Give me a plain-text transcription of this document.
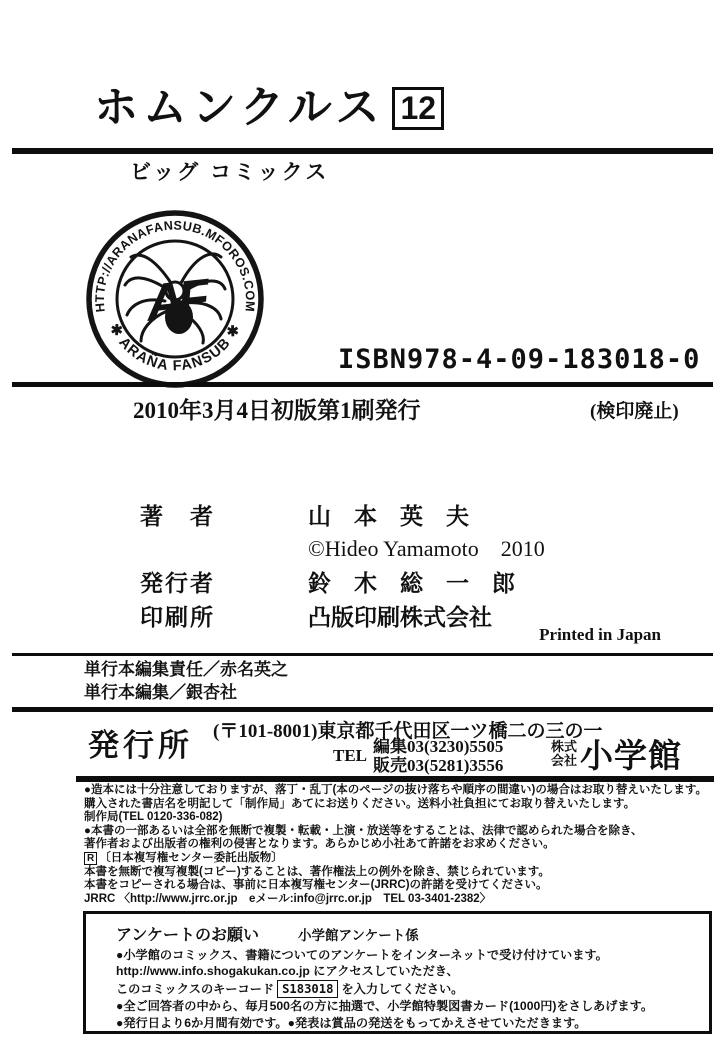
ホムンクルス 12
ビッグ コミックス
HTTP://ARANAFANSUB.MFOROS.COM
✱ ARAÑA FANSUB ✱
AF
ISBN978-4-09-183018-0
2010年3月4日初版第1刷発行	(検印廃止)
著　者	山　本　英　夫
©Hideo Yamamoto　2010
発行者	鈴　木　総　一　郎
印刷所	凸版印刷株式会社
Printed in Japan
単行本編集責任／赤名英之
単行本編集／銀杏社
発行所 (〒101-8001)東京都千代田区一ツ橋二の三の一
TEL 編集03(3230)5505
販売03(5281)3556
株式
会社 小学館
●造本には十分注意しておりますが、落丁・乱丁(本のページの抜け落ちや順序の間違い)の場合はお取り替えいたします。
購入された書店名を明記して「制作局」あてにお送りください。送料小社負担にてお取り替えいたします。
制作局(TEL 0120-336-082)
●本書の一部あるいは全部を無断で複製・転載・上演・放送等をすることは、法律で認められた場合を除き、
著作者および出版者の権利の侵害となります。あらかじめ小社あて許諾をお求めください。
R 〔日本複写権センター委託出版物〕
本書を無断で複写複製(コピー)することは、著作権法上の例外を除き、禁じられています。
本書をコピーされる場合は、事前に日本複写権センター(JRRC)の許諾を受けてください。
JRRC 〈http://www.jrrc.or.jp　eメール:info@jrrc.or.jp　TEL 03-3401-2382〉
アンケートのお願い	小学館アンケート係
●小学館のコミックス、書籍についてのアンケートをインターネットで受け付けています。
http://www.info.shogakukan.co.jp にアクセスしていただき、
このコミックスのキーコード S183018 を入力してください。
●全ご回答者の中から、毎月500名の方に抽選で、小学館特製図書カード(1000円)をさしあげます。
●発行日より6か月間有効です。●発表は賞品の発送をもってかえさせていただきます。
